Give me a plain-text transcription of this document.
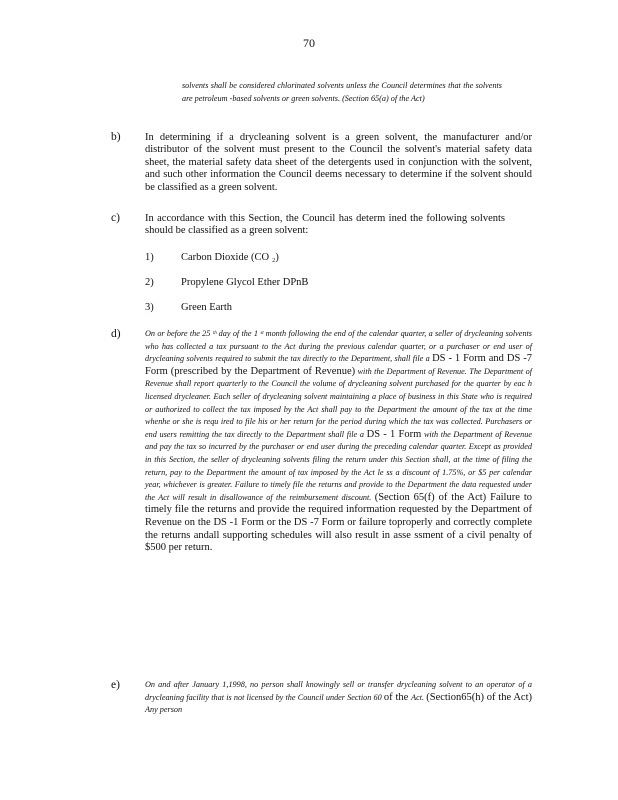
70
solvents shall be considered chlorinated solvents unless the Council determines that the solvents are petroleum -based solvents or green solvents. (Section 65(a) of the Act)
b) In determining if a drycleaning solvent is a green solvent, the manufacturer and/or distributor of the solvent must present to the Council the solvent's material safety data sheet, the material safety data sheet of the detergents used in conjunction with the solvent, and such other information the Council deems necessary to determine if the solvent should be classified as a green solvent.
c) In accordance with this Section, the Council has determ ined the following solvents should be classified as a green solvent:
1)	Carbon Dioxide (CO ₂)
2)	Propylene Glycol Ether DPnB
3)	Green Earth
d)	On or before the 25 ᵗʰ day of the 1 ˢᵗ month following the end of the calendar quarter, a seller of drycleaning solvents who has collected a tax pursuant to the Act during the previous calendar quarter, or a purchaser or end user of drycleaning solvents required to submit the tax directly to the Department, shall file a DS - 1 Form and DS -7 Form (prescribed by the Department of Revenue) with the Department of Revenue. The Department of Revenue shall report quarterly to the Council the volume of drycleaning solvent purchased for the quarter by eac h licensed drycleaner. Each seller of drycleaning solvent maintaining a place of business in this State who is required or authorized to collect the tax imposed by the Act shall pay to the Department the amount of the tax at the time whenhe or she is requ ired to file his or her return for the period during which the tax was collected. Purchasers or end users remitting the tax directly to the Department shall file a DS - 1 Form with the Department of Revenue and pay the tax so incurred by the purchaser or end user during the preceding calendar quarter. Except as provided in this Section, the seller of drycleaning solvents filing the return under this Section shall, at the time of filing the return, pay to the Department the amount of tax imposed by the Act le ss a discount of 1.75%, or $5 per calendar year, whichever is greater. Failure to timely file the returns and provide to the Department the data requested under the Act will result in disallowance of the reimbursement discount. (Section 65(f) of the Act) Failure to timely file the returns and provide the required information requested by the Department of Revenue on the DS -1 Form or the DS -7 Form or failure toproperly and correctly complete the returns andall supporting schedules will also result in asse ssment of a civil penalty of $500 per return.
e)	On and after January 1,1998, no person shall knowingly sell or transfer drycleaning solvent to an operator of a drycleaning facility that is not licensed by the Council under Section 60 of the Act. (Section65(h) of the Act) Any person
